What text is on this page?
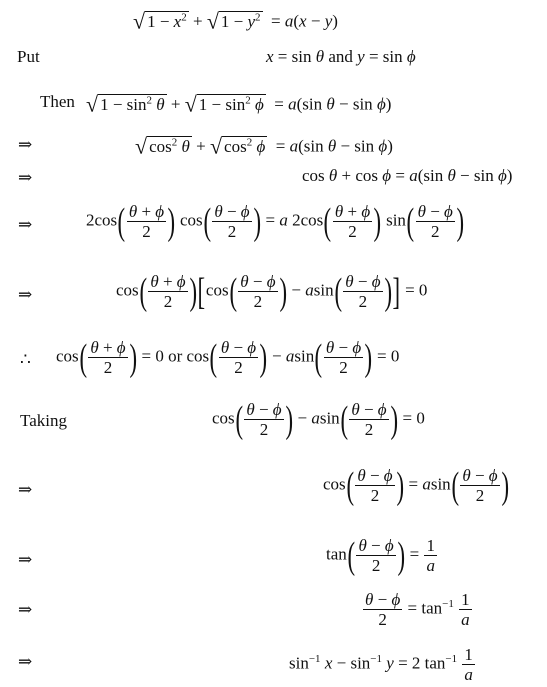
√ $1 - x^2$ + √ $1 - y^2 = a(x - y)$
Put	x = sin θ and y = sin ϕ
Then √ $1 - \sin^2 \theta$ + √ $1 - \sin^2 \phi = a(\sin$ θ − sin ϕ)
⇒	√ $\cos^2 \theta$ + √ $\cos^2 \phi = a(\sin$ θ − sin ϕ)
⇒	cos θ + cos ϕ = a(sin θ − sin ϕ)
⇒	$2\cos( \frac{\theta + \phi}{2}$ ) $\cos( \frac{\theta - \phi}{2}$ ) = a $2\cos( \frac{\theta + \phi}{2}$ ) $\sin( \frac{\theta - \phi}{2}$ )
⇒	$\cos( \frac{\theta + \phi}{2} )[\cos( \frac{\theta - \phi}{2}$ ) − $asin( \frac{\theta - \phi}{2}$ )] = 0
∴ $\cos( \frac{\theta + \phi}{2}$ ) = 0 or $\cos( \frac{\theta - \phi}{2}$ ) − $asin( \frac{\theta - \phi}{2}$ ) = 0
Taking	$\cos( \frac{\theta - \phi}{2}$ ) − $asin( \frac{\theta - \phi}{2}$ ) = 0
⇒	$\cos( \frac{\theta - \phi}{2}$ ) = $asin( \frac{\theta - \phi}{2}$ )
⇒	$\tan( \frac{\theta - \phi}{2}$ ) = $\frac{1}{a}$
⇒	$\frac{\theta - \phi}{2} = \tan^{-1} \frac{1}{a}$
⇒	$\sin^{-1} x - \sin^{-1} y = 2$ $\tan^{-1} \frac{1}{a}$
